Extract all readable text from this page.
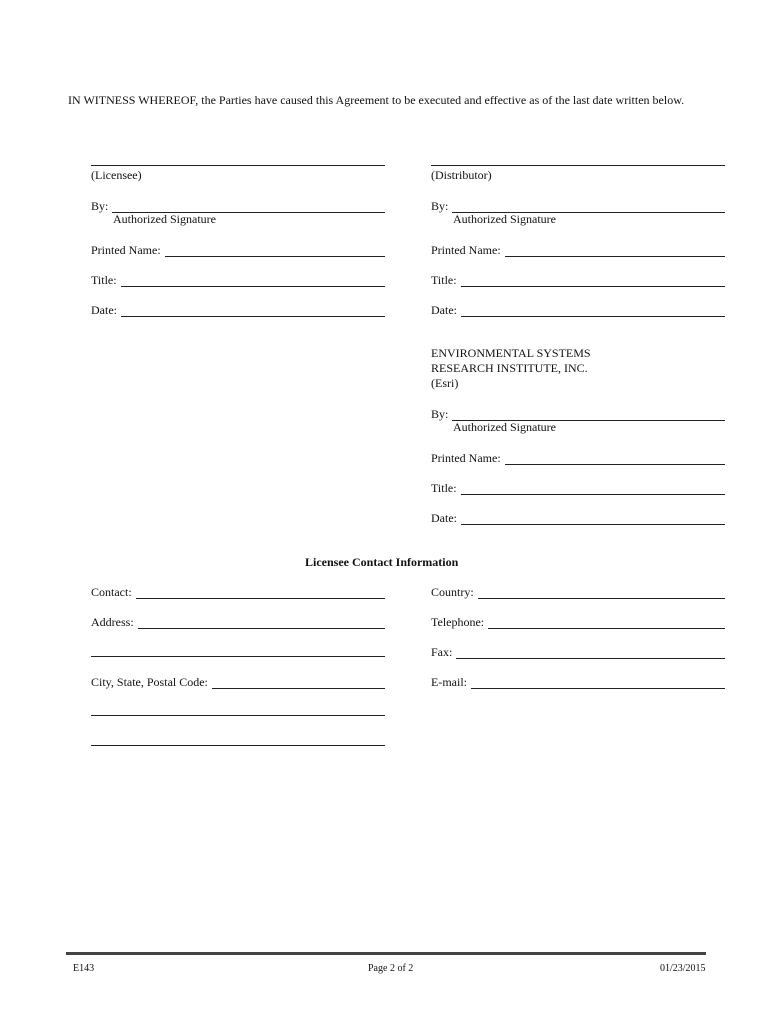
IN WITNESS WHEREOF, the Parties have caused this Agreement to be executed and effective as of the last date written below.
(Licensee)
By:
Authorized Signature
Printed Name:
Title:
Date:
(Distributor)
By:
Authorized Signature
Printed Name:
Title:
Date:
ENVIRONMENTAL SYSTEMS
RESEARCH INSTITUTE, INC.
(Esri)
By:
Authorized Signature
Printed Name:
Title:
Date:
Licensee Contact Information
Contact:
Address:
City, State, Postal Code:
Country:
Telephone:
Fax:
E-mail:
E143	Page 2 of 2	01/23/2015
